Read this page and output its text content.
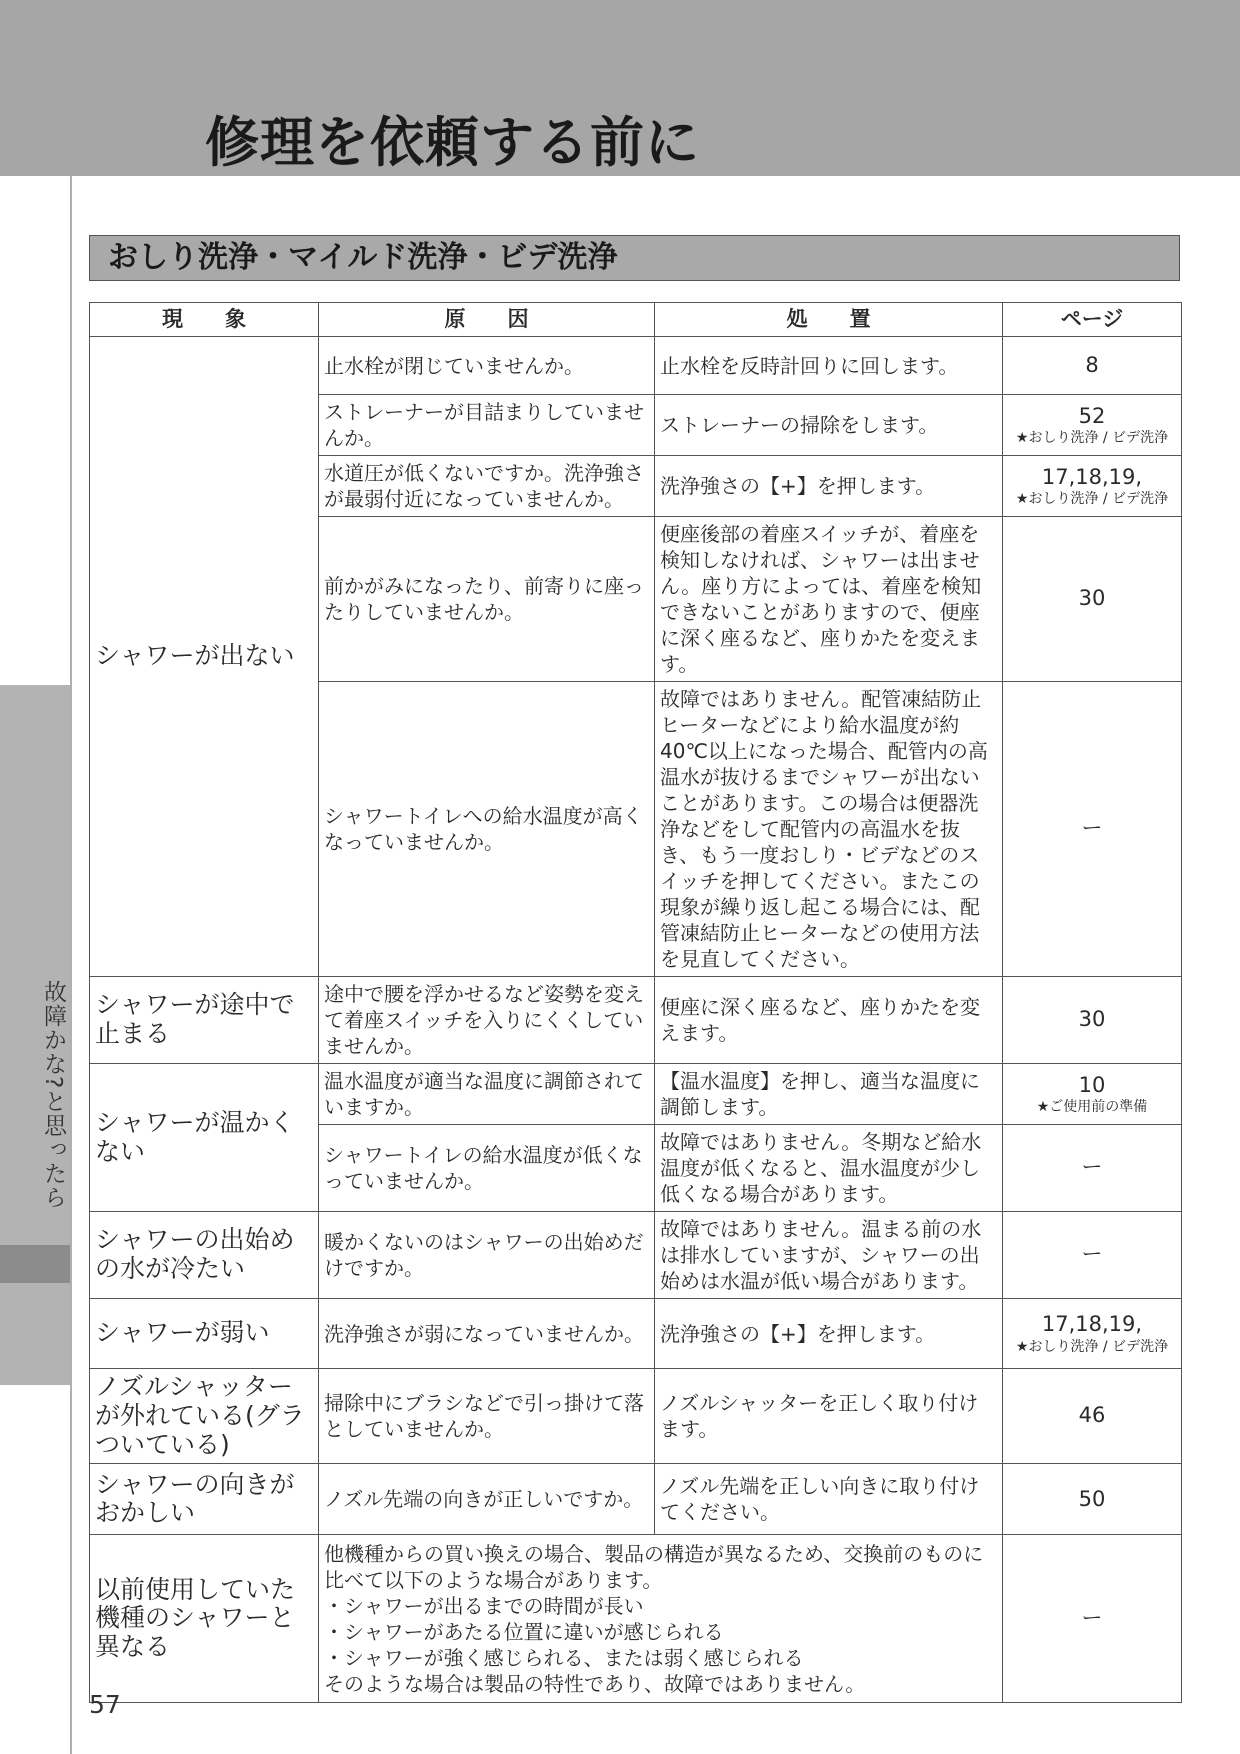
修理を依頼する前に
故障かな?と思ったら
おしり洗浄・マイルド洗浄・ビデ洗浄
現　　象	原　　因	処　　置	ページ
シャワーが出ない	止水栓が閉じていませんか。	止水栓を反時計回りに回します。	8

	ストレーナーが目詰まりしていませんか。	ストレーナーの掃除をします。	52
★おしり洗浄 / ビデ洗浄

	水道圧が低くないですか。洗浄強さが最弱付近になっていませんか。	洗浄強さの【+】を押します。	17,18,19,
★おしり洗浄 / ビデ洗浄

	前かがみになったり、前寄りに座ったりしていませんか。	便座後部の着座スイッチが、着座を検知しなければ、シャワーは出ません。座り方によっては、着座を検知できないことがありますので、便座に深く座るなど、座りかたを変えます。	30

	シャワートイレへの給水温度が高くなっていませんか。	故障ではありません。配管凍結防止ヒーターなどにより給水温度が約40℃以上になった場合、配管内の高温水が抜けるまでシャワーが出ないことがあります。この場合は便器洗浄などをして配管内の高温水を抜き、もう一度おしり・ビデなどのスイッチを押してください。またこの現象が繰り返し起こる場合には、配管凍結防止ヒーターなどの使用方法を見直してください。	ー

シャワーが途中で止まる	途中で腰を浮かせるなど姿勢を変えて着座スイッチを入りにくくしていませんか。	便座に深く座るなど、座りかたを変えます。	30

シャワーが温かくない	温水温度が適当な温度に調節されていますか。	【温水温度】を押し、適当な温度に調節します。	10
★ご使用前の準備

	シャワートイレの給水温度が低くなっていませんか。	故障ではありません。冬期など給水温度が低くなると、温水温度が少し低くなる場合があります。	ー

シャワーの出始めの水が冷たい	暖かくないのはシャワーの出始めだけですか。	故障ではありません。温まる前の水は排水していますが、シャワーの出始めは水温が低い場合があります。	ー

シャワーが弱い	洗浄強さが弱になっていませんか。	洗浄強さの【+】を押します。	17,18,19,
★おしり洗浄 / ビデ洗浄

ノズルシャッターが外れている(グラついている)	掃除中にブラシなどで引っ掛けて落としていませんか。	ノズルシャッターを正しく取り付けます。	46

シャワーの向きがおかしい	ノズル先端の向きが正しいですか。	ノズル先端を正しい向きに取り付けてください。	50

以前使用していた機種のシャワーと異なる	他機種からの買い換えの場合、製品の構造が異なるため、交換前のものに比べて以下のような場合があります。
・シャワーが出るまでの時間が長い
・シャワーがあたる位置に違いが感じられる
・シャワーが強く感じられる、または弱く感じられる
そのような場合は製品の特性であり、故障ではありません。		ー
57
